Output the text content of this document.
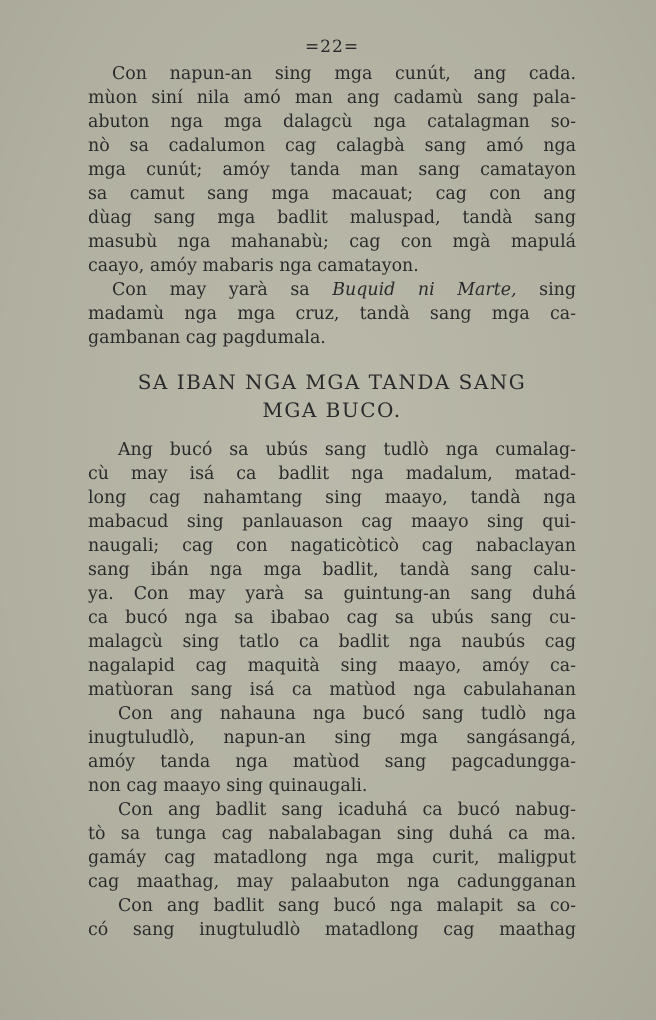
=22=

Con napun-an sing mga cunút, ang cada.
mùon siní nila amó man ang cadamù sang pala-
abuton nga mga dalagcù nga catalagman so-
nò sa cadalumon cag calagbà sang amó nga
mga cunút; amóy tanda man sang camatayon
sa camut sang mga macauat; cag con ang
dùag sang mga badlit maluspad, tandà sang
masubù nga mahanabù; cag con mgà mapulá
caayo, amóy mabaris nga camatayon.

Con may yarà sa Buquid ni Marte, sing
madamù nga mga cruz, tandà sang mga ca-
gambanan cag pagdumala.

SA IBAN NGA MGA TANDA SANG
MGA BUCO.

Ang bucó sa ubús sang tudlò nga cumalag-
cù may isá ca badlit nga madalum, matad-
long cag nahamtang sing maayo, tandà nga
mabacud sing panlauason cag maayo sing qui-
naugali; cag con nagaticòticò cag nabaclayan
sang ibán nga mga badlit, tandà sang calu-
ya. Con may yarà sa guintung-an sang duhá
ca bucó nga sa ibabao cag sa ubús sang cu-
malagcù sing tatlo ca badlit nga naubús cag
nagalapid cag maquità sing maayo, amóy ca-
matùoran sang isá ca matùod nga cabulahanan

Con ang nahauna nga bucó sang tudlò nga
inugtuludlò, napun-an sing mga sangásangá,
amóy tanda nga matùod sang pagcadungga-
non cag maayo sing quinaugali.

Con ang badlit sang icaduhá ca bucó nabug-
tò sa tunga cag nabalabagan sing duhá ca ma.
gamáy cag matadlong nga mga curit, maligput
cag maathag, may palaabuton nga cadungganan

Con ang badlit sang bucó nga malapit sa co-
có sang inugtuludlò matadlong cag maathag
